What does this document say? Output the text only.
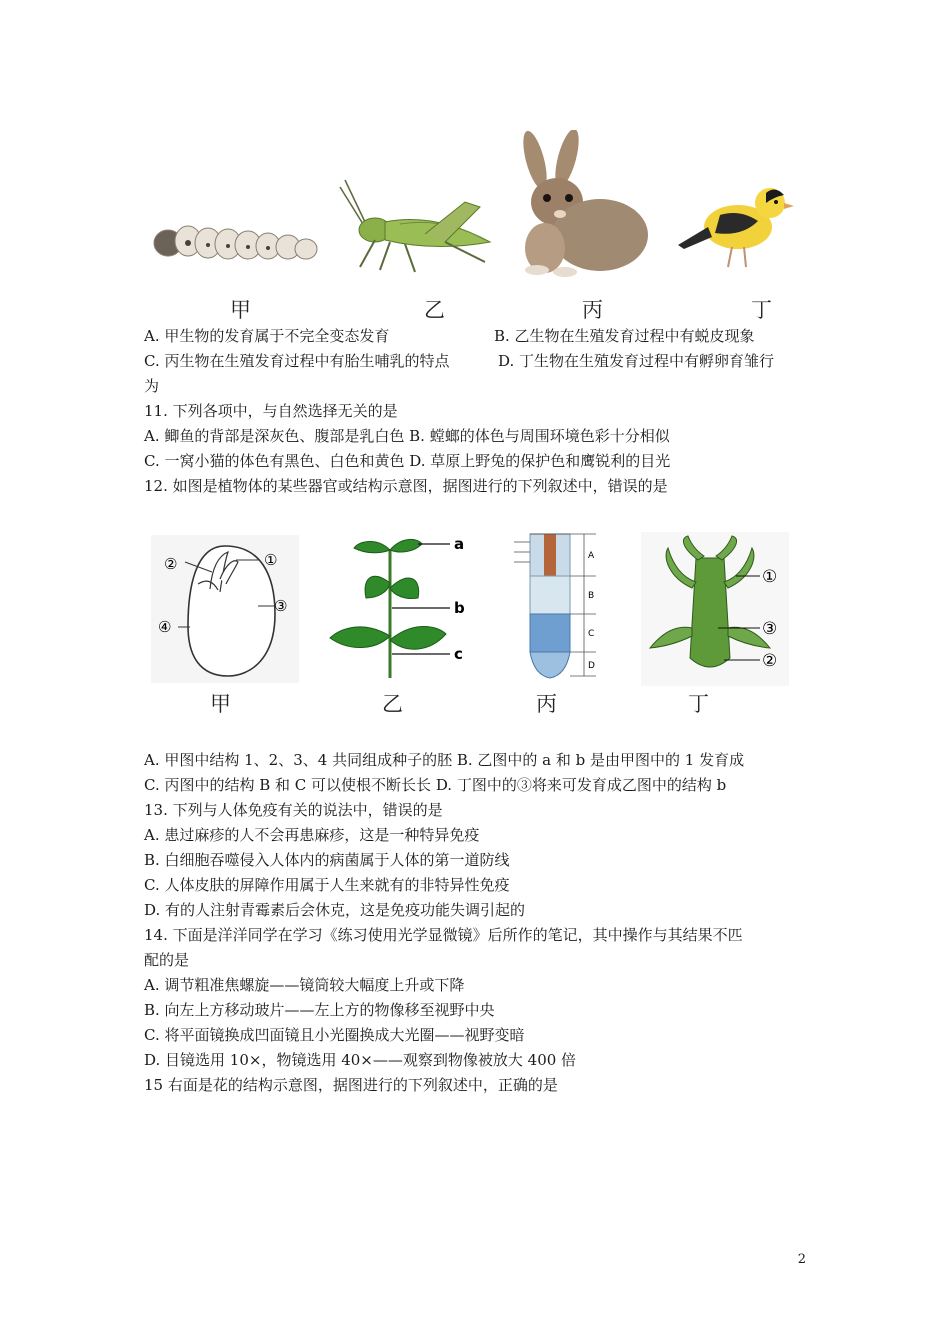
甲	乙	丙	丁
A. 甲生物的发育属于不完全变态发育	B. 乙生物在生殖发育过程中有蜕皮现象
C. 丙生物在生殖发育过程中有胎生哺乳的特点	D. 丁生物在生殖发育过程中有孵卵育雏行
为
11. 下列各项中，与自然选择无关的是
A. 鲫鱼的背部是深灰色、腹部是乳白色 B. 螳螂的体色与周围环境色彩十分相似
C. 一窝小猫的体色有黑色、白色和黄色 D. 草原上野兔的保护色和鹰锐利的目光
12. 如图是植物体的某些器官或结构示意图，据图进行的下列叙述中，错误的是
②	①
③
④
a
b
c
A
B
C
D
①
③
②
甲	乙	丙	丁
A. 甲图中结构 1、2、3、4 共同组成种子的胚 B. 乙图中的 a 和 b 是由甲图中的 1 发育成
C. 丙图中的结构 B 和 C 可以使根不断长长 D. 丁图中的③将来可发育成乙图中的结构 b
13. 下列与人体免疫有关的说法中，错误的是
A. 患过麻疹的人不会再患麻疹，这是一种特异免疫
B. 白细胞吞噬侵入人体内的病菌属于人体的第一道防线
C. 人体皮肤的屏障作用属于人生来就有的非特异性免疫
D. 有的人注射青霉素后会休克，这是免疫功能失调引起的
14. 下面是洋洋同学在学习《练习使用光学显微镜》后所作的笔记，其中操作与其结果不匹
配的是
A. 调节粗准焦螺旋——镜筒较大幅度上升或下降
B. 向左上方移动玻片——左上方的物像移至视野中央
C. 将平面镜换成凹面镜且小光圈换成大光圈——视野变暗
D. 目镜选用 10×，物镜选用 40×——观察到物像被放大 400 倍
15 右面是花的结构示意图，据图进行的下列叙述中，正确的是
2
